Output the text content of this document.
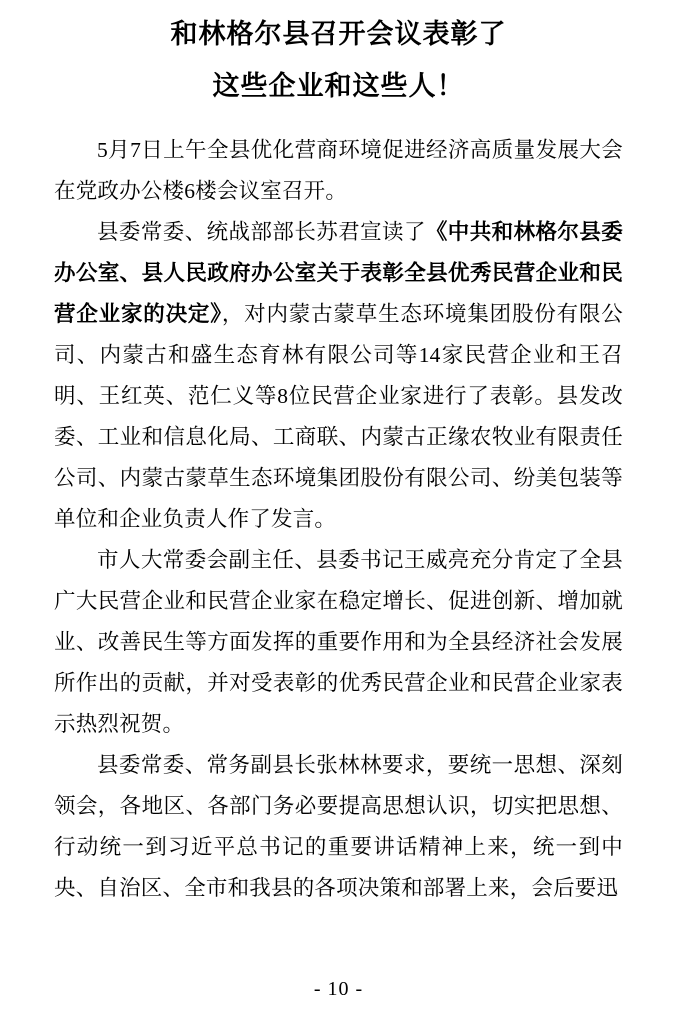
和林格尔县召开会议表彰了
这些企业和这些人！

5月7日上午全县优化营商环境促进经济高质量发展大会在党政办公楼6楼会议室召开。

县委常委、统战部部长苏君宣读了《中共和林格尔县委办公室、县人民政府办公室关于表彰全县优秀民营企业和民营企业家的决定》，对内蒙古蒙草生态环境集团股份有限公司、内蒙古和盛生态育林有限公司等14家民营企业和王召明、王红英、范仁义等8位民营企业家进行了表彰。县发改委、工业和信息化局、工商联、内蒙古正缘农牧业有限责任公司、内蒙古蒙草生态环境集团股份有限公司、纷美包装等单位和企业负责人作了发言。

市人大常委会副主任、县委书记王威亮充分肯定了全县广大民营企业和民营企业家在稳定增长、促进创新、增加就业、改善民生等方面发挥的重要作用和为全县经济社会发展所作出的贡献，并对受表彰的优秀民营企业和民营企业家表示热烈祝贺。

县委常委、常务副县长张林林要求，要统一思想、深刻领会，各地区、各部门务必要提高思想认识，切实把思想、行动统一到习近平总书记的重要讲话精神上来，统一到中央、自治区、全市和我县的各项决策和部署上来，会后要迅

- 10 -
